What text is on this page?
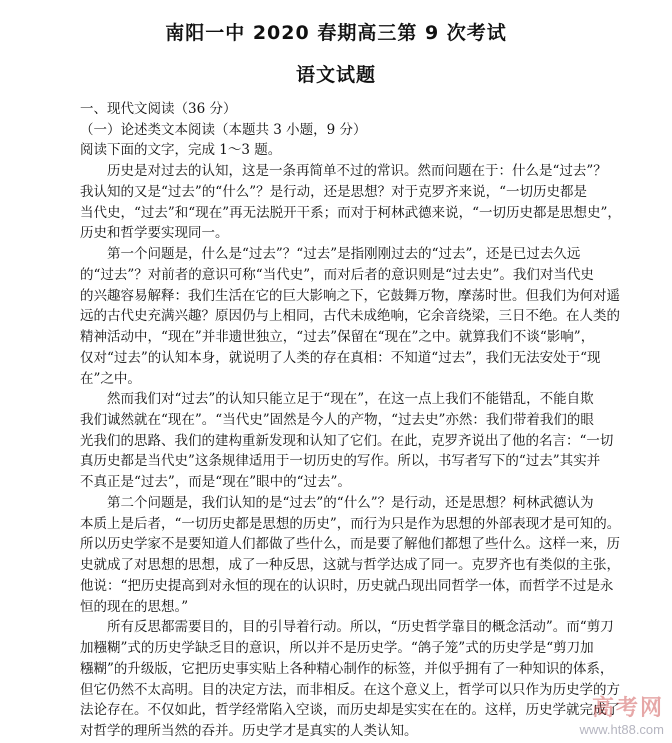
南阳一中 2020 春期高三第 9 次考试
语文试题
一、现代文阅读（36 分）
（一）论述类文本阅读（本题共 3 小题，9 分）
阅读下面的文字，完成 1～3 题。
历史是对过去的认知，这是一条再简单不过的常识。然而问题在于：什么是“过去”？
我认知的又是“过去”的“什么”？是行动，还是思想？对于克罗齐来说，“一切历史都是
当代史，“过去”和“现在”再无法脱开干系；而对于柯林武德来说，“一切历史都是思想史”，
历史和哲学要实现同一。
第一个问题是，什么是“过去”？“过去”是指刚刚过去的“过去”，还是已过去久远
的“过去”？对前者的意识可称“当代史”，而对后者的意识则是“过去史”。我们对当代史
的兴趣容易解释：我们生活在它的巨大影响之下，它鼓舞万物，摩荡时世。但我们为何对遥
远的古代史充满兴趣？原因仍与上相同，古代未成绝响，它余音绕梁，三日不绝。在人类的
精神活动中，“现在”并非遗世独立，“过去”保留在“现在”之中。就算我们不谈“影响”，
仅对“过去”的认知本身，就说明了人类的存在真相：不知道“过去”，我们无法安处于“现
在”之中。
然而我们对“过去”的认知只能立足于“现在”，在这一点上我们不能错乱，不能自欺
我们诚然就在“现在”。“当代史”固然是今人的产物，“过去史”亦然：我们带着我们的眼
光我们的思路、我们的建构重新发现和认知了它们。在此，克罗齐说出了他的名言：“一切
真历史都是当代史”这条规律适用于一切历史的写作。所以，书写者写下的“过去”其实并
不真正是“过去”，而是“现在”眼中的“过去”。
第二个问题是，我们认知的是“过去”的“什么”？是行动，还是思想？柯林武德认为
本质上是后者，“一切历史都是思想的历史”，而行为只是作为思想的外部表现才是可知的。
所以历史学家不是要知道人们都做了些什么，而是要了解他们都想了些什么。这样一来，历
史就成了对思想的思想，成了一种反思，这就与哲学达成了同一。克罗齐也有类似的主张，
他说：“把历史提高到对永恒的现在的认识时，历史就凸现出同哲学一体，而哲学不过是永
恒的现在的思想。”
所有反思都需要目的，目的引导着行动。所以，“历史哲学靠目的概念活动”。而“剪刀
加糨糊”式的历史学缺乏目的意识，所以并不是历史学。“鸽子笼”式的历史学是“剪刀加
糨糊”的升级版，它把历史事实贴上各种精心制作的标签，并似乎拥有了一种知识的体系，
但它仍然不太高明。目的决定方法，而非相反。在这个意义上，哲学可以只作为历史学的方
法论存在。不仅如此，哲学经常陷入空谈，而历史却是实实在在的。这样，历史学就完成了
对哲学的理所当然的吞并。历史学才是真实的人类认知。
高考网
www.ht88.com
